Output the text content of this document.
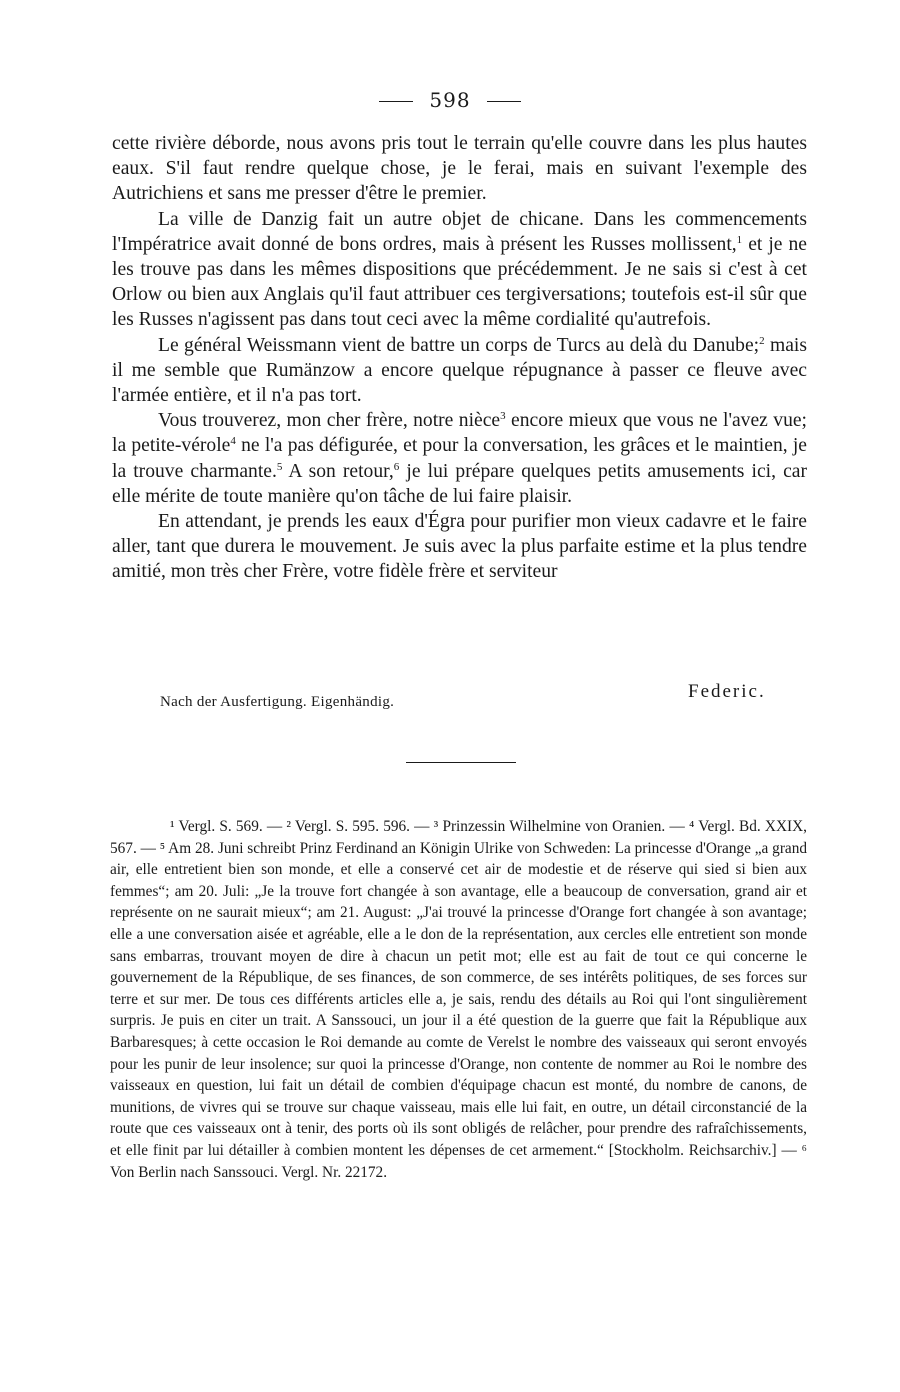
598

cette rivière déborde, nous avons pris tout le terrain qu'elle couvre dans les plus hautes eaux. S'il faut rendre quelque chose, je le ferai, mais en suivant l'exemple des Autrichiens et sans me presser d'être le premier.

La ville de Danzig fait un autre objet de chicane. Dans les commencements l'Impératrice avait donné de bons ordres, mais à présent les Russes mollissent,$^1$ et je ne les trouve pas dans les mêmes dispositions que précédemment. Je ne sais si c'est à cet Orlow ou bien aux Anglais qu'il faut attribuer ces tergiversations; toutefois est-il sûr que les Russes n'agissent pas dans tout ceci avec la même cordialité qu'autrefois.

Le général Weissmann vient de battre un corps de Turcs au delà du Danube;$^2$ mais il me semble que Rumänzow a encore quelque répugnance à passer ce fleuve avec l'armée entière, et il n'a pas tort.

Vous trouverez, mon cher frère, notre nièce$^3$ encore mieux que vous ne l'avez vue; la petite-vérole$^4$ ne l'a pas défigurée, et pour la conversation, les grâces et le maintien, je la trouve charmante.$^5$ A son retour,$^6$ je lui prépare quelques petits amusements ici, car elle mérite de toute manière qu'on tâche de lui faire plaisir.

En attendant, je prends les eaux d'Égra pour purifier mon vieux cadavre et le faire aller, tant que durera le mouvement. Je suis avec la plus parfaite estime et la plus tendre amitié, mon très cher Frère, votre fidèle frère et serviteur

Federic.
Nach der Ausfertigung. Eigenhändig.

¹ Vergl. S. 569. — ² Vergl. S. 595. 596. — ³ Prinzessin Wilhelmine von Oranien. — ⁴ Vergl. Bd. XXIX, 567. — ⁵ Am 28. Juni schreibt Prinz Ferdinand an Königin Ulrike von Schweden: La princesse d'Orange „a grand air, elle entretient bien son monde, et elle a conservé cet air de modestie et de réserve qui sied si bien aux femmes“; am 20. Juli: „Je la trouve fort changée à son avantage, elle a beaucoup de conversation, grand air et représente on ne saurait mieux“; am 21. August: „J'ai trouvé la princesse d'Orange fort changée à son avantage; elle a une conversation aisée et agréable, elle a le don de la représentation, aux cercles elle entretient son monde sans embarras, trouvant moyen de dire à chacun un petit mot; elle est au fait de tout ce qui concerne le gouvernement de la République, de ses finances, de son commerce, de ses intérêts politiques, de ses forces sur terre et sur mer. De tous ces différents articles elle a, je sais, rendu des détails au Roi qui l'ont singulièrement surpris. Je puis en citer un trait. A Sanssouci, un jour il a été question de la guerre que fait la République aux Barbaresques; à cette occasion le Roi demande au comte de Verelst le nombre des vaisseaux qui seront envoyés pour les punir de leur insolence; sur quoi la princesse d'Orange, non contente de nommer au Roi le nombre des vaisseaux en question, lui fait un détail de combien d'équipage chacun est monté, du nombre de canons, de munitions, de vivres qui se trouve sur chaque vaisseau, mais elle lui fait, en outre, un détail circonstancié de la route que ces vaisseaux ont à tenir, des ports où ils sont obligés de relâcher, pour prendre des rafraîchissements, et elle finit par lui détailler à combien montent les dépenses de cet armement.“ [Stockholm. Reichsarchiv.] — ⁶ Von Berlin nach Sanssouci. Vergl. Nr. 22172.
